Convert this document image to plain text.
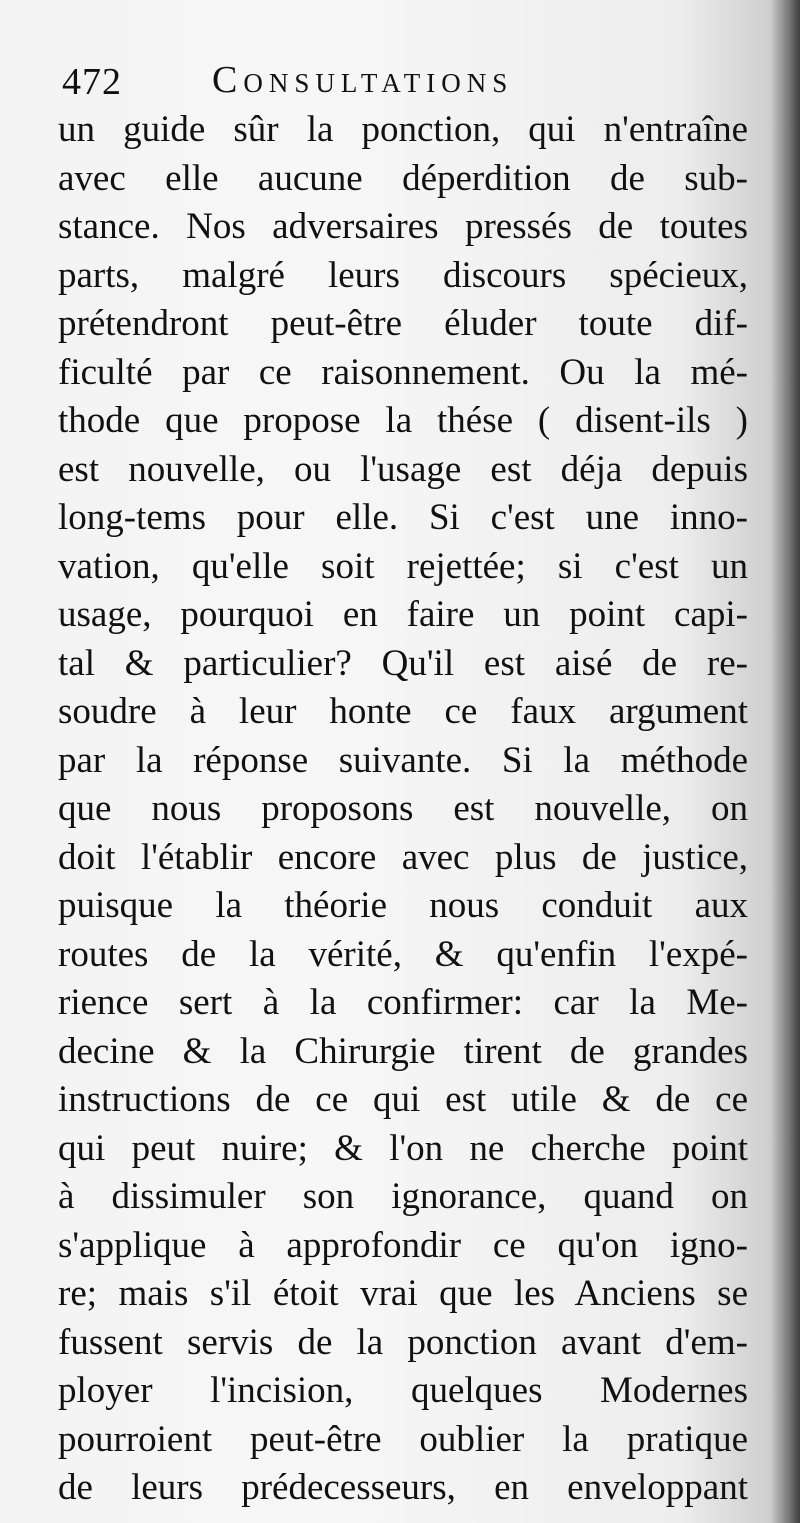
472 Consultations
un guide sûr la ponction, qui n'entraîne
avec elle aucune déperdition de sub-
stance. Nos adversaires pressés de toutes
parts, malgré leurs discours spécieux,
prétendront peut-être éluder toute dif-
ficulté par ce raisonnement. Ou la mé-
thode que propose la thése ( disent-ils )
est nouvelle, ou l'usage est déja depuis
long-tems pour elle. Si c'est une inno-
vation, qu'elle soit rejettée; si c'est un
usage, pourquoi en faire un point capi-
tal & particulier? Qu'il est aisé de re-
soudre à leur honte ce faux argument
par la réponse suivante. Si la méthode
que nous proposons est nouvelle, on
doit l'établir encore avec plus de justice,
puisque la théorie nous conduit aux
routes de la vérité, & qu'enfin l'expé-
rience sert à la confirmer: car la Me-
decine & la Chirurgie tirent de grandes
instructions de ce qui est utile & de ce
qui peut nuire; & l'on ne cherche point
à dissimuler son ignorance, quand on
s'applique à approfondir ce qu'on igno-
re; mais s'il étoit vrai que les Anciens se
fussent servis de la ponction avant d'em-
ployer l'incision, quelques Modernes
pourroient peut-être oublier la pratique
de leurs prédecesseurs, en enveloppant
